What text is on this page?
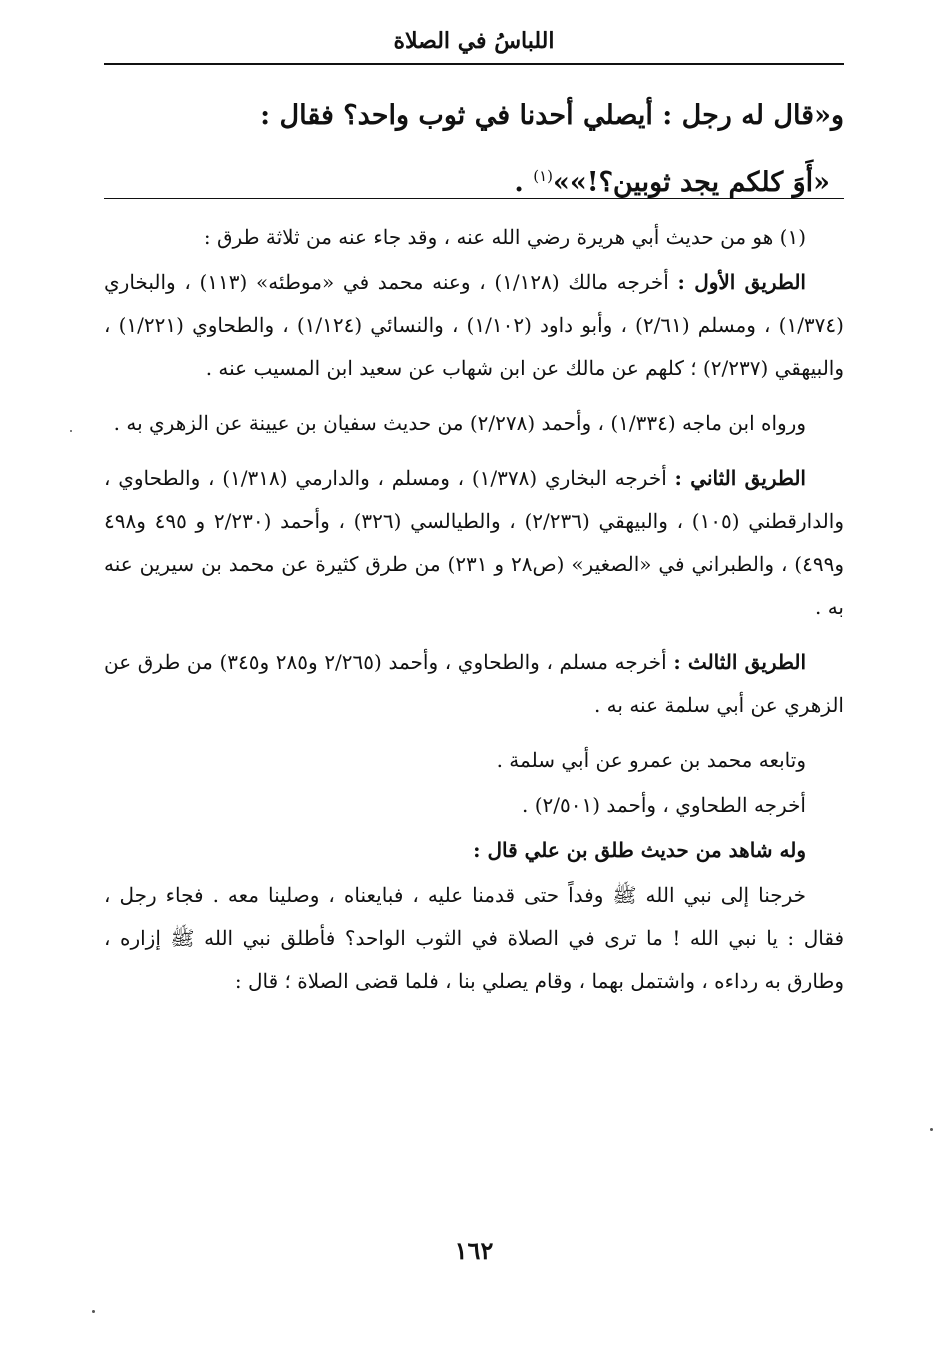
اللباسُ في الصلاة

و«قال له رجل : أيصلي أحدنا في ثوب واحد؟ فقال :

«أَوَ كلكم يجد ثوبين؟!»»$^{(١)}$ .

(١) هو من حديث أبي هريرة رضي الله عنه ، وقد جاء عنه من ثلاثة طرق :

الطريق الأول : أخرجه مالك (١/١٢٨) ، وعنه محمد في «موطئه» (١١٣) ، والبخاري (١/٣٧٤) ، ومسلم (٢/٦١) ، وأبو داود (١/١٠٢) ، والنسائي (١/١٢٤) ، والطحاوي (١/٢٢١) ، والبيهقي (٢/٢٣٧) ؛ كلهم عن مالك عن ابن شهاب عن سعيد ابن المسيب عنه .

ورواه ابن ماجه (١/٣٣٤) ، وأحمد (٢/٢٧٨) من حديث سفيان بن عيينة عن الزهري به .

الطريق الثاني : أخرجه البخاري (١/٣٧٨) ، ومسلم ، والدارمي (١/٣١٨) ، والطحاوي ، والدارقطني (١٠٥) ، والبيهقي (٢/٢٣٦) ، والطيالسي (٣٢٦) ، وأحمد (٢/٢٣٠ و ٤٩٥ و٤٩٨ و٤٩٩) ، والطبراني في «الصغير» (ص٢٨ و ٢٣١) من طرق كثيرة عن محمد بن سيرين عنه به .

الطريق الثالث : أخرجه مسلم ، والطحاوي ، وأحمد (٢/٢٦٥ و٢٨٥ و٣٤٥) من طرق عن الزهري عن أبي سلمة عنه به .

وتابعه محمد بن عمرو عن أبي سلمة .

أخرجه الطحاوي ، وأحمد (٢/٥٠١) .

وله شاهد من حديث طلق بن علي قال :

خرجنا إلى نبي الله ﷺ وفداً حتى قدمنا عليه ، فبايعناه ، وصلينا معه . فجاء رجل ، فقال : يا نبي الله ! ما ترى في الصلاة في الثوب الواحد؟ فأطلق نبي الله ﷺ إزاره ، وطارق به رداءه ، واشتمل بهما ، وقام يصلي بنا ، فلما قضى الصلاة ؛ قال :

١٦٢
